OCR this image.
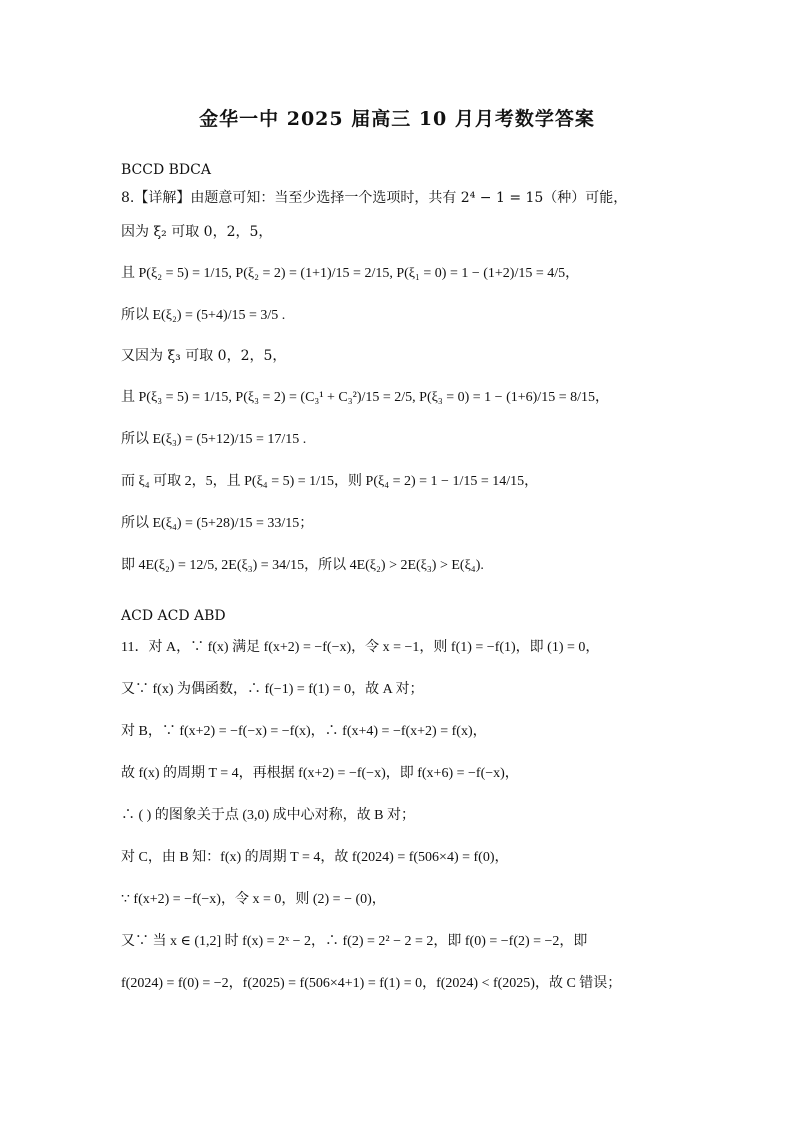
金华一中 2025 届高三 10 月月考数学答案
BCCD BDCA
8.【详解】由题意可知：当至少选择一个选项时，共有 2⁴ − 1 = 15（种）可能，
因为 ξ₂ 可取 0，2，5，
且 P(ξ₂ = 5) = 1/15, P(ξ₂ = 2) = (1+1)/15 = 2/15, P(ξ₁ = 0) = 1 − (1+2)/15 = 4/5，
所以 E(ξ₂) = (5+4)/15 = 3/5 .
又因为 ξ₃ 可取 0，2，5，
且 P(ξ₃ = 5) = 1/15, P(ξ₃ = 2) = (C₃¹ + C₃²)/15 = 2/5, P(ξ₃ = 0) = 1 − (1+6)/15 = 8/15，
所以 E(ξ₃) = (5+12)/15 = 17/15 .
而 ξ₄ 可取 2，5，且 P(ξ₄ = 5) = 1/15，则 P(ξ₄ = 2) = 1 − 1/15 = 14/15，
所以 E(ξ₄) = (5+28)/15 = 33/15；
即 4E(ξ₂) = 12/5, 2E(ξ₃) = 34/15，所以 4E(ξ₂) > 2E(ξ₃) > E(ξ₄).
ACD ACD ABD
11．对 A，∵ f(x) 满足 f(x+2) = −f(−x)，令 x = −1，则 f(1) = −f(1)，即 (1) = 0，
又∵ f(x) 为偶函数，∴ f(−1) = f(1) = 0，故 A 对；
对 B，∵ f(x+2) = −f(−x) = −f(x)，∴ f(x+4) = −f(x+2) = f(x)，
故 f(x) 的周期 T = 4，再根据 f(x+2) = −f(−x)，即 f(x+6) = −f(−x)，
∴ ( ) 的图象关于点 (3,0) 成中心对称，故 B 对；
对 C，由 B 知：f(x) 的周期 T = 4，故 f(2024) = f(506×4) = f(0)，
∵ f(x+2) = −f(−x)，令 x = 0，则 (2) = − (0)，
又∵ 当 x ∈ (1,2] 时 f(x) = 2ˣ − 2，∴ f(2) = 2² − 2 = 2，即 f(0) = −f(2) = −2，即
f(2024) = f(0) = −2，f(2025) = f(506×4+1) = f(1) = 0，f(2024) < f(2025)，故 C 错误；
